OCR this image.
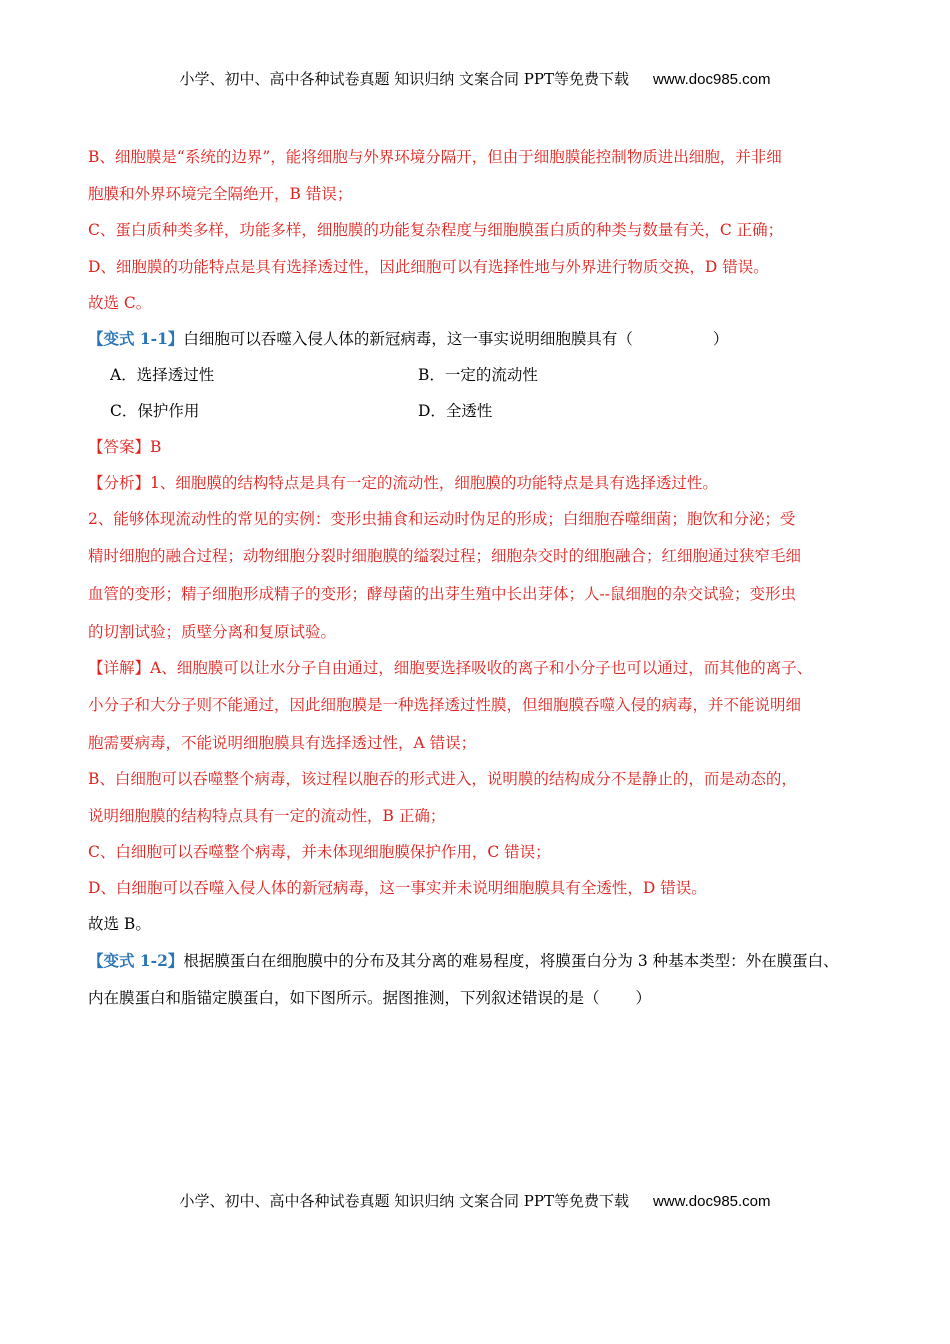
小学、初中、高中各种试卷真题 知识归纳 文案合同 PPT等免费下载 www.doc985.com
B、细胞膜是“系统的边界”，能将细胞与外界环境分隔开，但由于细胞膜能控制物质进出细胞，并非细
胞膜和外界环境完全隔绝开，B 错误；
C、蛋白质种类多样，功能多样，细胞膜的功能复杂程度与细胞膜蛋白质的种类与数量有关，C 正确；
D、细胞膜的功能特点是具有选择透过性，因此细胞可以有选择性地与外界进行物质交换，D 错误。
故选 C。
【变式 1-1】白细胞可以吞噬入侵人体的新冠病毒，这一事实说明细胞膜具有（	）
A．选择透过性	B．一定的流动性
C．保护作用	D．全透性
【答案】B
【分析】1、细胞膜的结构特点是具有一定的流动性，细胞膜的功能特点是具有选择透过性。
2、能够体现流动性的常见的实例：变形虫捕食和运动时伪足的形成；白细胞吞噬细菌；胞饮和分泌；受
精时细胞的融合过程；动物细胞分裂时细胞膜的缢裂过程；细胞杂交时的细胞融合；红细胞通过狭窄毛细
血管的变形；精子细胞形成精子的变形；酵母菌的出芽生殖中长出芽体；人--鼠细胞的杂交试验；变形虫
的切割试验；质壁分离和复原试验。
【详解】A、细胞膜可以让水分子自由通过，细胞要选择吸收的离子和小分子也可以通过，而其他的离子、
小分子和大分子则不能通过，因此细胞膜是一种选择透过性膜，但细胞膜吞噬入侵的病毒，并不能说明细
胞需要病毒，不能说明细胞膜具有选择透过性，A 错误；
B、白细胞可以吞噬整个病毒，该过程以胞吞的形式进入，说明膜的结构成分不是静止的，而是动态的，
说明细胞膜的结构特点具有一定的流动性，B 正确；
C、白细胞可以吞噬整个病毒，并未体现细胞膜保护作用，C 错误；
D、白细胞可以吞噬入侵人体的新冠病毒，这一事实并未说明细胞膜具有全透性，D 错误。
故选 B。
【变式 1-2】根据膜蛋白在细胞膜中的分布及其分离的难易程度，将膜蛋白分为 3 种基本类型：外在膜蛋白、
内在膜蛋白和脂锚定膜蛋白，如下图所示。据图推测，下列叙述错误的是（ ）
小学、初中、高中各种试卷真题 知识归纳 文案合同 PPT等免费下载 www.doc985.com
